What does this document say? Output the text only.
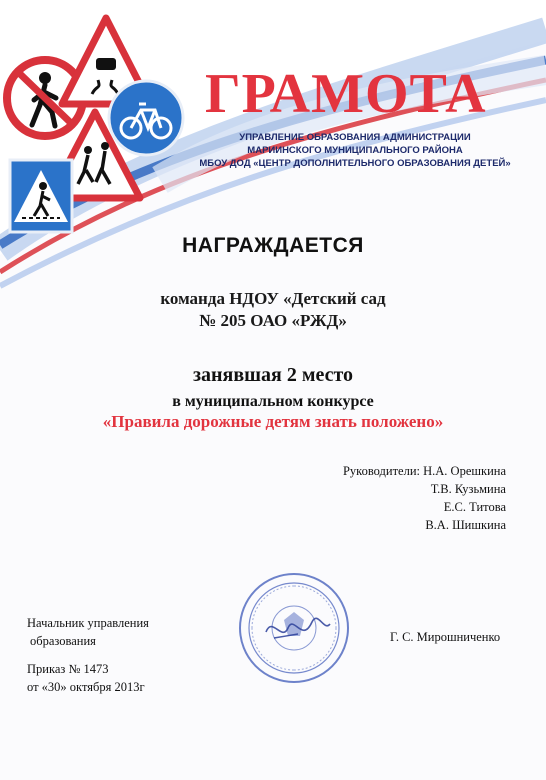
ГРАМОТА
УПРАВЛЕНИЕ ОБРАЗОВАНИЯ АДМИНИСТРАЦИИ
МАРИИНСКОГО МУНИЦИПАЛЬНОГО РАЙОНА
МБОУ ДОД «ЦЕНТР ДОПОЛНИТЕЛЬНОГО ОБРАЗОВАНИЯ ДЕТЕЙ»
НАГРАЖДАЕТСЯ
команда НДОУ «Детский сад
№ 205 ОАО «РЖД»
занявшая 2 место
в муниципальном конкурсе
«Правила дорожные детям знать положено»
Руководители: Н.А. Орешкина
Т.В. Кузьмина
Е.С. Титова
В.А. Шишкина
Начальник управления
образования	Г. С. Мирошниченко
Приказ № 1473
от «30» октября 2013г
